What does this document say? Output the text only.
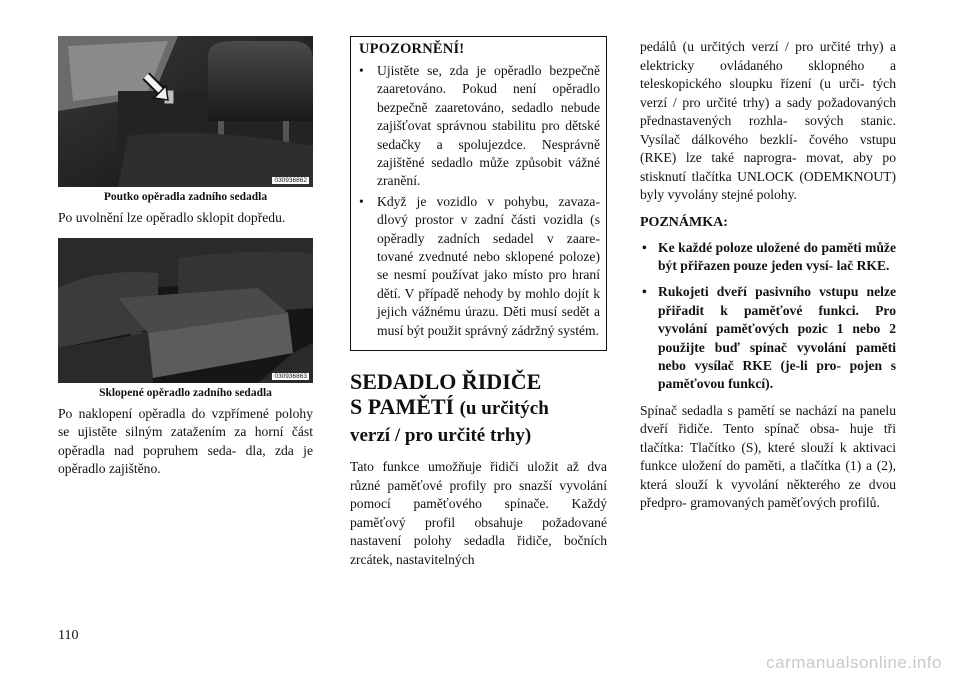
030936862
Poutko opěradla zadního sedadla

Po uvolnění lze opěradlo sklopit dopředu.

030936863
Sklopené opěradlo zadního sedadla

Po naklopení opěradla do vzpřímené polohy se ujistěte silným zatažením za horní část opěradla nad popruhem seda- dla, zda je opěradlo zajištěno.

UPOZORNĚNÍ!
• Ujistěte se, zda je opěradlo bezpečně zaaretováno. Pokud není opěradlo bezpečně zaaretováno, sedadlo nebude zajišťovat správnou stabilitu pro dětské sedačky a spolujezdce. Nesprávně zajištěné sedadlo může způsobit vážné zranění.
• Když je vozidlo v pohybu, zavaza- dlový prostor v zadní části vozidla (s opěradly zadních sedadel v zaare- tované zvednuté nebo sklopené poloze) se nesmí používat jako místo pro hraní dětí. V případě nehody by mohlo dojít k jejich vážnému úrazu. Děti musí sedět a musí být použit správný zádržný systém.
SEDADLO ŘIDIČE
S PAMĚTÍ (u určitých
verzí / pro určité trhy)

Tato funkce umožňuje řidiči uložit až dva různé paměťové profily pro snazší vyvolání pomocí paměťového spínače. Každý paměťový profil obsahuje požadované nastavení polohy sedadla řidiče, bočních zrcátek, nastavitelných

pedálů (u určitých verzí / pro určité trhy) a elektricky ovládaného sklopného a teleskopického sloupku řízení (u urči- tých verzí / pro určité trhy) a sady požadovaných přednastavených rozhla- sových stanic. Vysílač dálkového bezklí- čového vstupu (RKE) lze také naprogra- movat, aby po stisknutí tlačítka UNLOCK (ODEMKNOUT) byly vyvolány stejné polohy.

POZNÁMKA:
• Ke každé poloze uložené do paměti může být přiřazen pouze jeden vysí- lač RKE.
• Rukojeti dveří pasivního vstupu nelze přiřadit k paměťové funkci. Pro vyvolání paměťových pozic 1 nebo 2 použijte buď spínač vyvolání paměti nebo vysílač RKE (je-li pro- pojen s paměťovou funkcí).

Spínač sedadla s pamětí se nachází na panelu dveří řidiče. Tento spínač obsa- huje tři tlačítka: Tlačítko (S), které slouží k aktivaci funkce uložení do paměti, a tlačítka (1) a (2), která slouží k vyvolání některého ze dvou předpro- gramovaných paměťových profilů.

110
carmanualsonline.info
